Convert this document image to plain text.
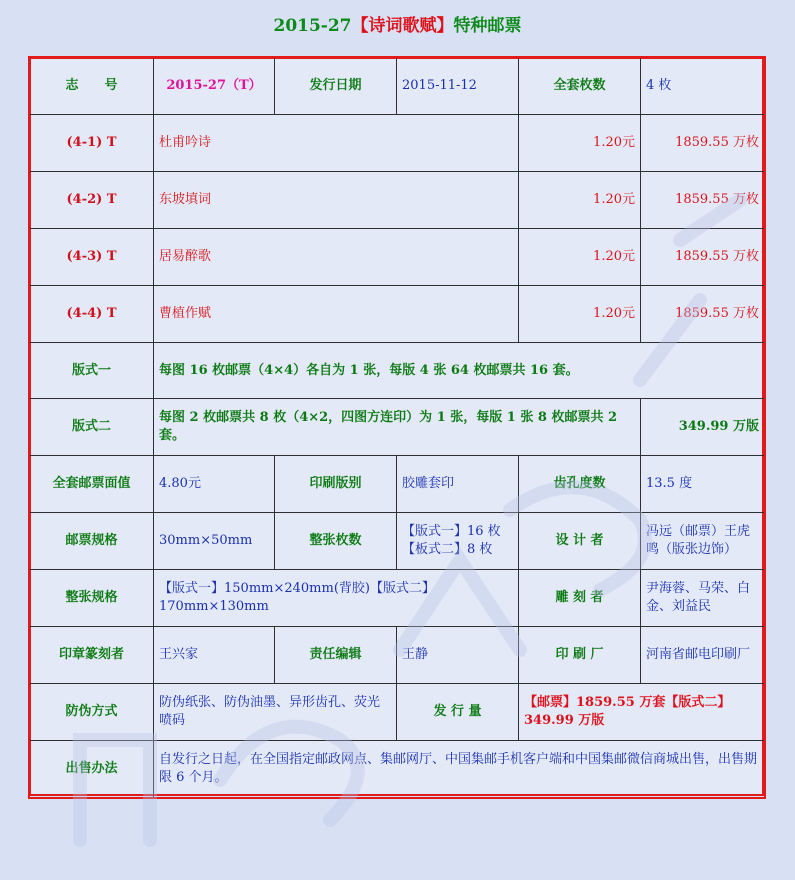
2015-27【诗词歌赋】特种邮票
志　　号	2015-27（T）	发行日期	2015-11-12	全套枚数	4 枚
(4-1) T	杜甫吟诗			1.20元	1859.55 万枚
(4-2) T	东坡填词			1.20元	1859.55 万枚
(4-3) T	居易醉歌			1.20元	1859.55 万枚
(4-4) T	曹植作赋			1.20元	1859.55 万枚
版式一	每图 16 枚邮票（4×4）各自为 1 张，每版 4 张 64 枚邮票共 16 套。				
版式二	每图 2 枚邮票共 8 枚（4×2，四图方连印）为 1 张，每版 1 张 8 枚邮票共 2 套。				349.99 万版
全套邮票面值	4.80元	印刷版别	胶雕套印	齿孔度数	13.5 度
邮票规格	30mm×50mm	整张枚数	【版式一】16 枚
【板式二】8 枚	设 计 者	冯远（邮票）王虎鸣（版张边饰）
整张规格	【版式一】150mm×240mm(背胶)【版式二】170mm×130mm			雕 刻 者	尹海蓉、马荣、白金、刘益民
印章篆刻者	王兴家	责任编辑	王静	印 刷 厂	河南省邮电印刷厂
防伪方式	防伪纸张、防伪油墨、异形齿孔、荧光喷码		发 行 量	【邮票】1859.55 万套【版式二】349.99 万版	
出售办法	自发行之日起，在全国指定邮政网点、集邮网厅、中国集邮手机客户端和中国集邮微信商城出售，出售期限 6 个月。				
